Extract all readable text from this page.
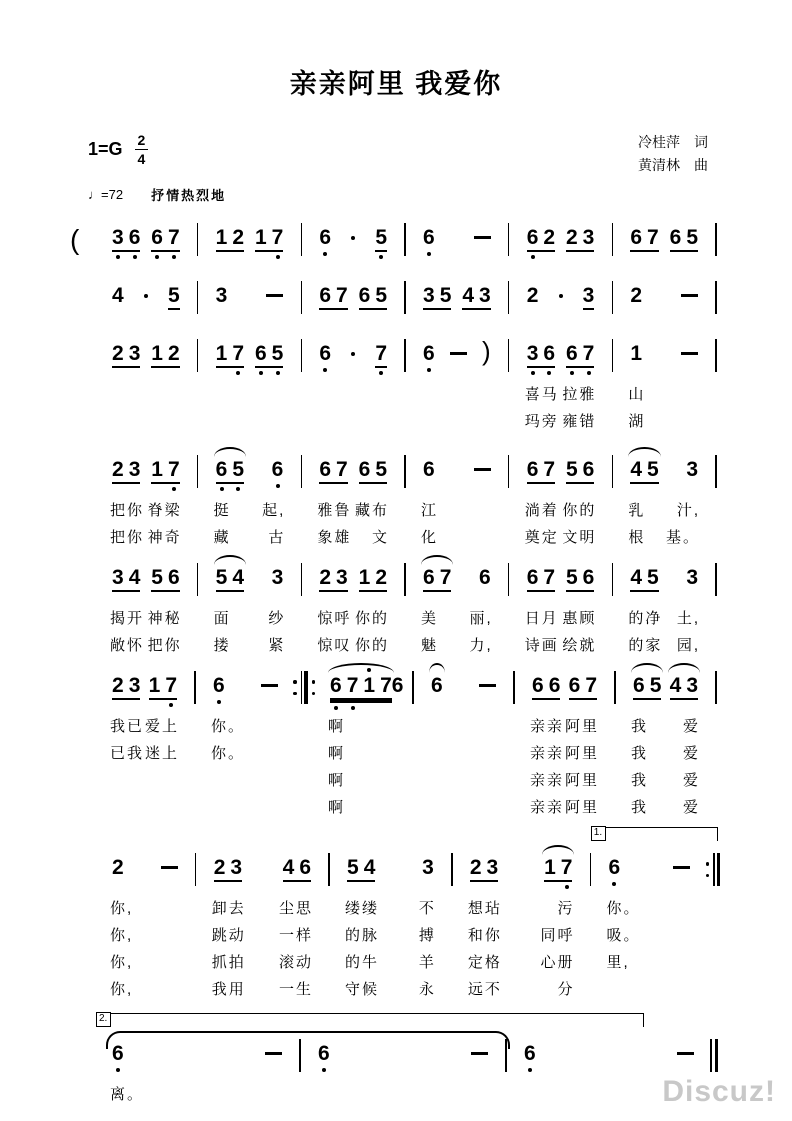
亲亲阿里 我爱你
$1=G \frac{2}{4}$	冷桂萍 词
黄清林 曲
♩=72 抒情热烈地
( 3 6 6 7 1 2 1 7 6 5 6	6 2 2 3 6 7 6 5
4 5 3	6 7 6 5 3 5 4 3 2 3 2
2 3 1 2 1 7 6 5 6 7 6 ) 3 6 6 7
喜马 拉雅
玛旁 雍错
1
山
湖
2 3 1 7
把你 脊梁
把你 神奇
6 5 6
挺 起,
藏	古
6 7 6 5
雅鲁 藏布
象雄 文
6
江
化
6 7 5 6
淌着 你的
奠定 文明
4 5 3
乳 汁,
根 基。
3 4 5 6
揭开 神秘
敞怀 把你
5 4 3
面	纱
搂	紧
2 3 1 2
惊呼 你的
惊叹 你的
6 7 6
美 丽,
魅 力,
6 7 5 6
日月 惠顾
诗画 绘就
4 5 3
的净 土,
的家 园,
2 3 1 7
我已 爱上
已我 迷上
6
你。
你。
6 7 1 7 6
啊
啊
啊
啊
6	6 6 6 7
亲亲 阿里
亲亲 阿里
亲亲 阿里
亲亲 阿里
6 5 4 3
我 爱
我 爱
我 爱
我 爱
2
你,
你,
你,
你,
2 3 4 6
卸去 尘思
跳动 一样
抓拍 滚动
我用 一生
5 4 3
缕缕	不
的脉	搏
的牛	羊
守候	永
2 3 1 7
想玷	污
和你	同呼
定格	心册
远不	分
6
你。
吸。
里,
1.
6
离。
6	6
2.
Discuz!
